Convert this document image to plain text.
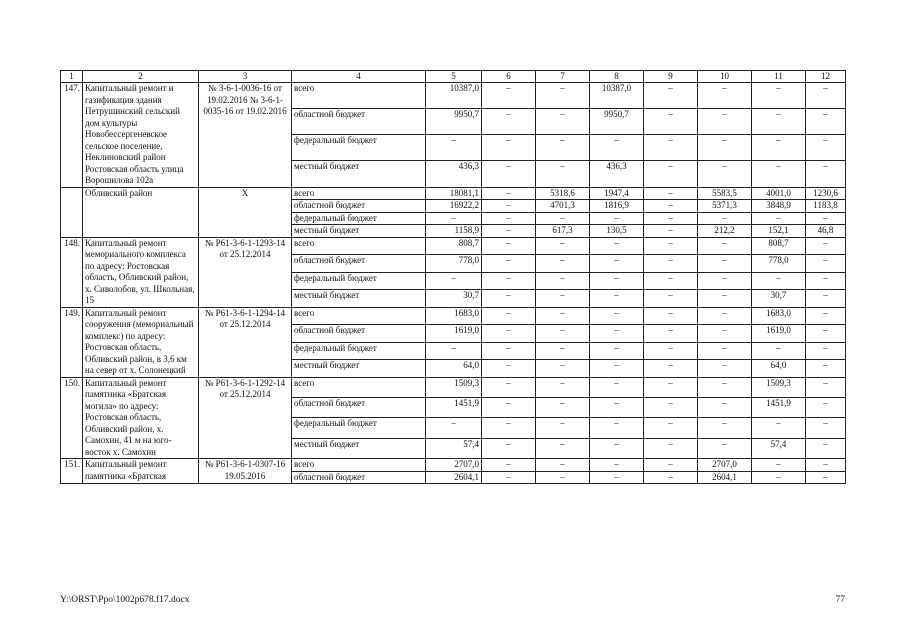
1	2	3	4	5	6	7	8	9	10	11	12
147.	Капитальный ремонт и газификация здания Петрушинский сельский дом культуры Новобессергеневское сельское поселение, Неклиновский район Ростовская область улица Ворошилова 102а	№ 3-6-1-0036-16 от 19.02.2016 № 3-6-1-0035-16 от 19.02.2016	всего	10387,0	–	–	10387,0	–	–	–	–
			областной бюджет	9950,7	–	–	9950,7	–	–	–	–
			федеральный бюджет	–	–	–	–	–	–	–	–
			местный бюджет	436,3	–	–	436,3	–	–	–	–
	Обливский район	Х	всего	18081,1	–	5318,6	1947,4	–	5583,5	4001,0	1230,6
			областной бюджет	16922,2	–	4701,3	1816,9	–	5371,3	3848,9	1183,8
			федеральный бюджет	–	–	–	–	–	–	–	–
			местный бюджет	1158,9	–	617,3	130,5	–	212,2	152,1	46,8
148.	Капитальный ремонт мемориального комплекса по адресу: Ростовская область, Обливский район, х. Сиволобов, ул. Школьная, 15	№ Р61-3-6-1-1293-14 от 25.12.2014	всего	808,7	–	–	–	–	–	808,7	–
			областной бюджет	778,0	–	–	–	–	–	778,0	–
			федеральный бюджет	–	–	–	–	–	–	–	–
			местный бюджет	30,7	–	–	–	–	–	30,7	–
149.	Капитальный ремонт сооружения (мемориальный комплекс) по адресу: Ростовская область, Обливский район, в 3,6 км на север от х. Солонецкий	№ Р61-3-6-1-1294-14 от 25.12.2014	всего	1683,0	–	–	–	–	–	1683,0	–
			областной бюджет	1619,0	–	–	–	–	–	1619,0	–
			федеральный бюджет	–	–	–	–	–	–	–	–
			местный бюджет	64,0	–	–	–	–	–	64,0	–
150.	Капитальный ремонт памятника «Братская могила» по адресу: Ростовская область, Обливский район, х. Самохин, 41 м на юго-восток х. Самохин	№ Р61-3-6-1-1292-14 от 25.12.2014	всего	1509,3	–	–	–	–	–	1509,3	–
			областной бюджет	1451,9	–	–	–	–	–	1451,9	–
			федеральный бюджет	–	–	–	–	–	–	–	–
			местный бюджет	57,4	–	–	–	–	–	57,4	–
151.	Капитальный ремонт памятника «Братская	№ Р61-3-6-1-0307-16 19.05.2016	всего	2707,0	–	–	–	–	2707,0	–	–
			областной бюджет	2604,1	–	–	–	–	2604,1	–	–
Y:\ORST\Ppo\1002p678.f17.docx	77
